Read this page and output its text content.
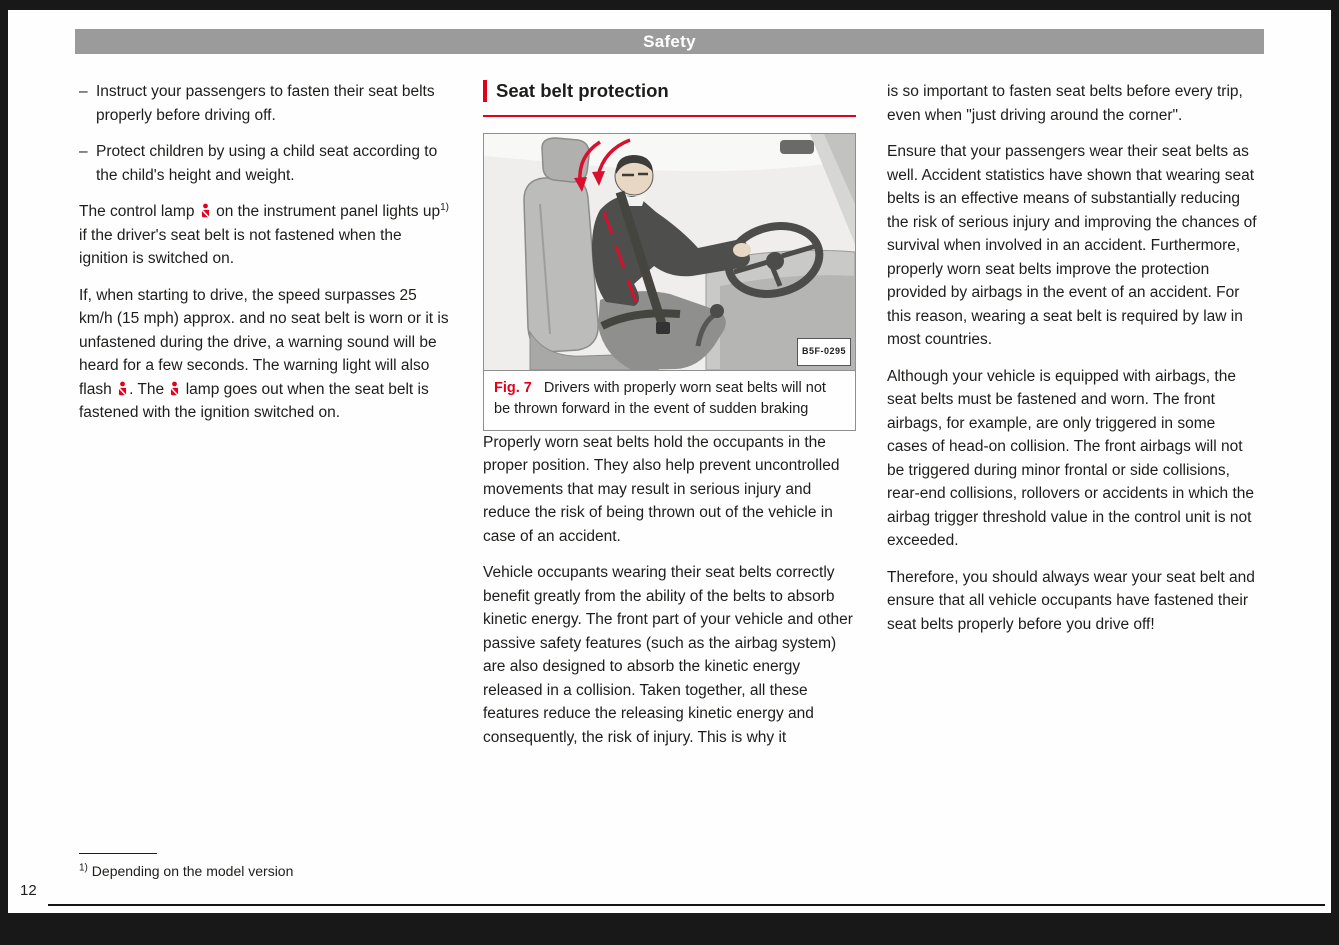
Safety
– Instruct your passengers to fasten their seat belts properly before driving off.
– Protect children by using a child seat according to the child's height and weight.

The control lamp on the instrument panel lights up$^{1)}$ if the driver's seat belt is not fastened when the ignition is switched on.

If, when starting to drive, the speed surpasses 25 km/h (15 mph) approx. and no seat belt is worn or it is unfastened during the drive, a warning sound will be heard for a few seconds. The warning light will also flash . The lamp goes out when the seat belt is fastened with the ignition switched on.

Seat belt protection
B5F-0295
Fig. 7 Drivers with properly worn seat belts will not be thrown forward in the event of sudden braking

Properly worn seat belts hold the occupants in the proper position. They also help prevent uncontrolled movements that may result in serious injury and reduce the risk of being thrown out of the vehicle in case of an accident.

Vehicle occupants wearing their seat belts correctly benefit greatly from the ability of the belts to absorb kinetic energy. The front part of your vehicle and other passive safety features (such as the airbag system) are also designed to absorb the kinetic energy released in a collision. Taken together, all these features reduce the releasing kinetic energy and consequently, the risk of injury. This is why it

is so important to fasten seat belts before every trip, even when "just driving around the corner".

Ensure that your passengers wear their seat belts as well. Accident statistics have shown that wearing seat belts is an effective means of substantially reducing the risk of serious injury and improving the chances of survival when involved in an accident. Furthermore, properly worn seat belts improve the protection provided by airbags in the event of an accident. For this reason, wearing a seat belt is required by law in most countries.

Although your vehicle is equipped with airbags, the seat belts must be fastened and worn. The front airbags, for example, are only triggered in some cases of head-on collision. The front airbags will not be triggered during minor frontal or side collisions, rear-end collisions, rollovers or accidents in which the airbag trigger threshold value in the control unit is not exceeded.

Therefore, you should always wear your seat belt and ensure that all vehicle occupants have fastened their seat belts properly before you drive off!

$^{1)}$ Depending on the model version
12
